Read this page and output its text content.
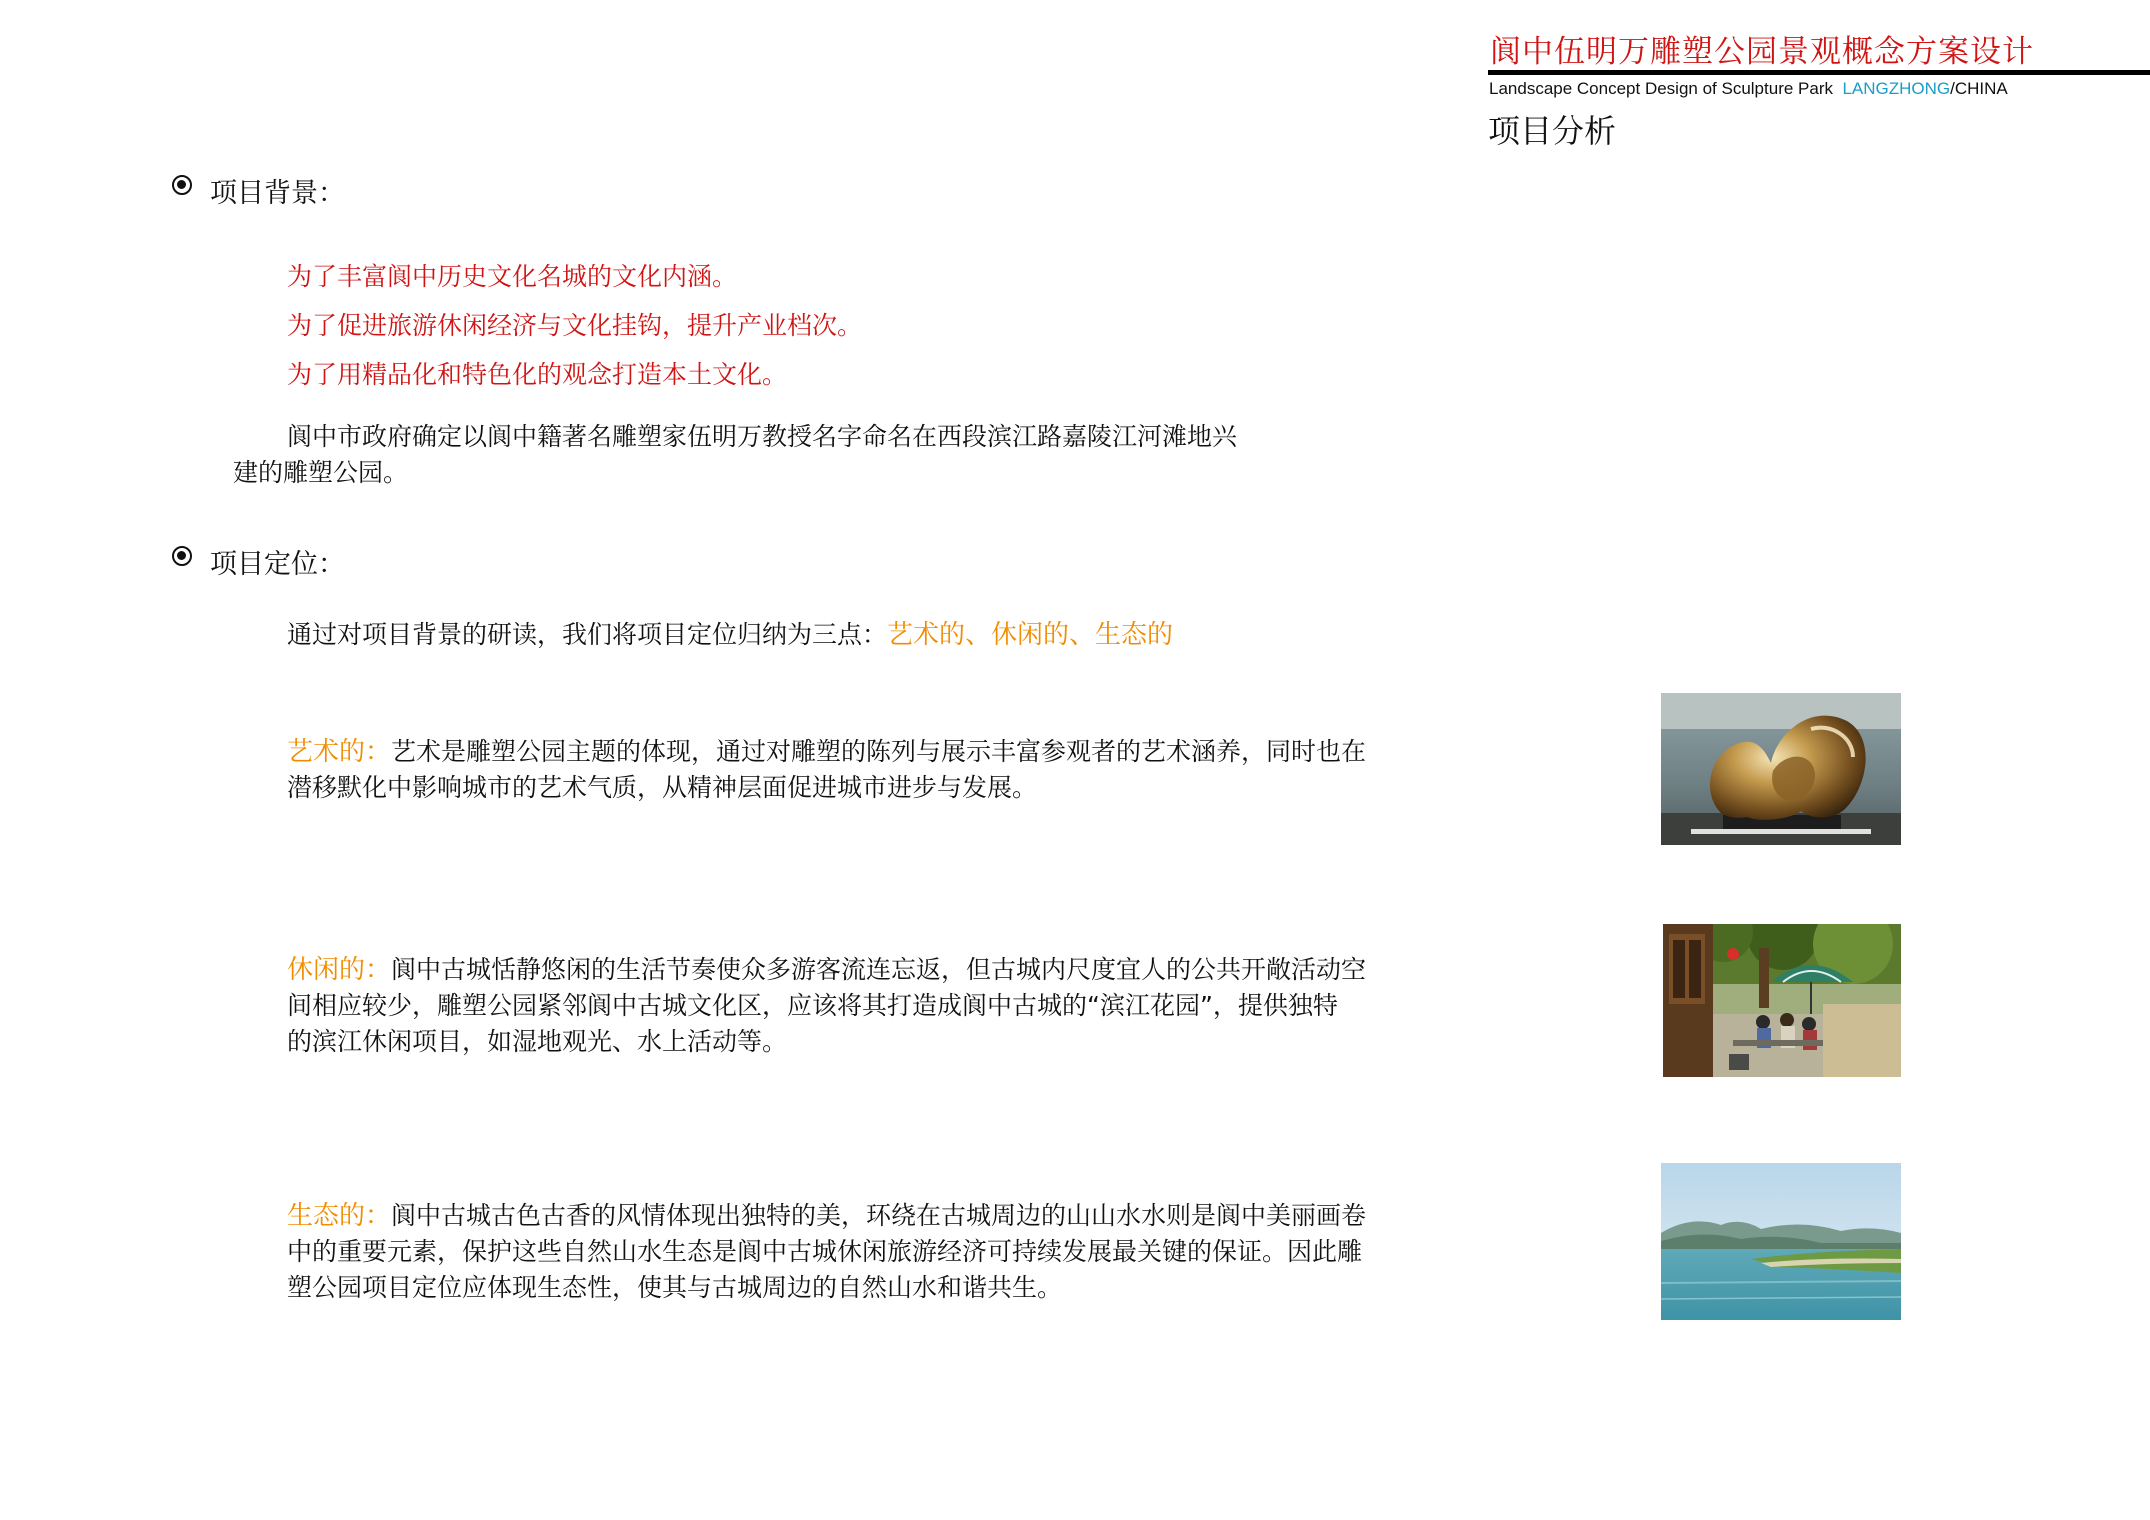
阆中伍明万雕塑公园景观概念方案设计
Landscape Concept Design of Sculpture Park LANGZHONG/CHINA
项目分析
项目背景：
为了丰富阆中历史文化名城的文化内涵。
为了促进旅游休闲经济与文化挂钩，提升产业档次。
为了用精品化和特色化的观念打造本土文化。
阆中市政府确定以阆中籍著名雕塑家伍明万教授名字命名在西段滨江路嘉陵江河滩地兴
建的雕塑公园。
项目定位：
通过对项目背景的研读，我们将项目定位归纳为三点：艺术的、休闲的、生态的
艺术的：艺术是雕塑公园主题的体现，通过对雕塑的陈列与展示丰富参观者的艺术涵养，同时也在
潜移默化中影响城市的艺术气质，从精神层面促进城市进步与发展。
休闲的：阆中古城恬静悠闲的生活节奏使众多游客流连忘返，但古城内尺度宜人的公共开敞活动空
间相应较少，雕塑公园紧邻阆中古城文化区，应该将其打造成阆中古城的“滨江花园”，提供独特
的滨江休闲项目，如湿地观光、水上活动等。
生态的：阆中古城古色古香的风情体现出独特的美，环绕在古城周边的山山水水则是阆中美丽画卷
中的重要元素，保护这些自然山水生态是阆中古城休闲旅游经济可持续发展最关键的保证。因此雕
塑公园项目定位应体现生态性，使其与古城周边的自然山水和谐共生。
